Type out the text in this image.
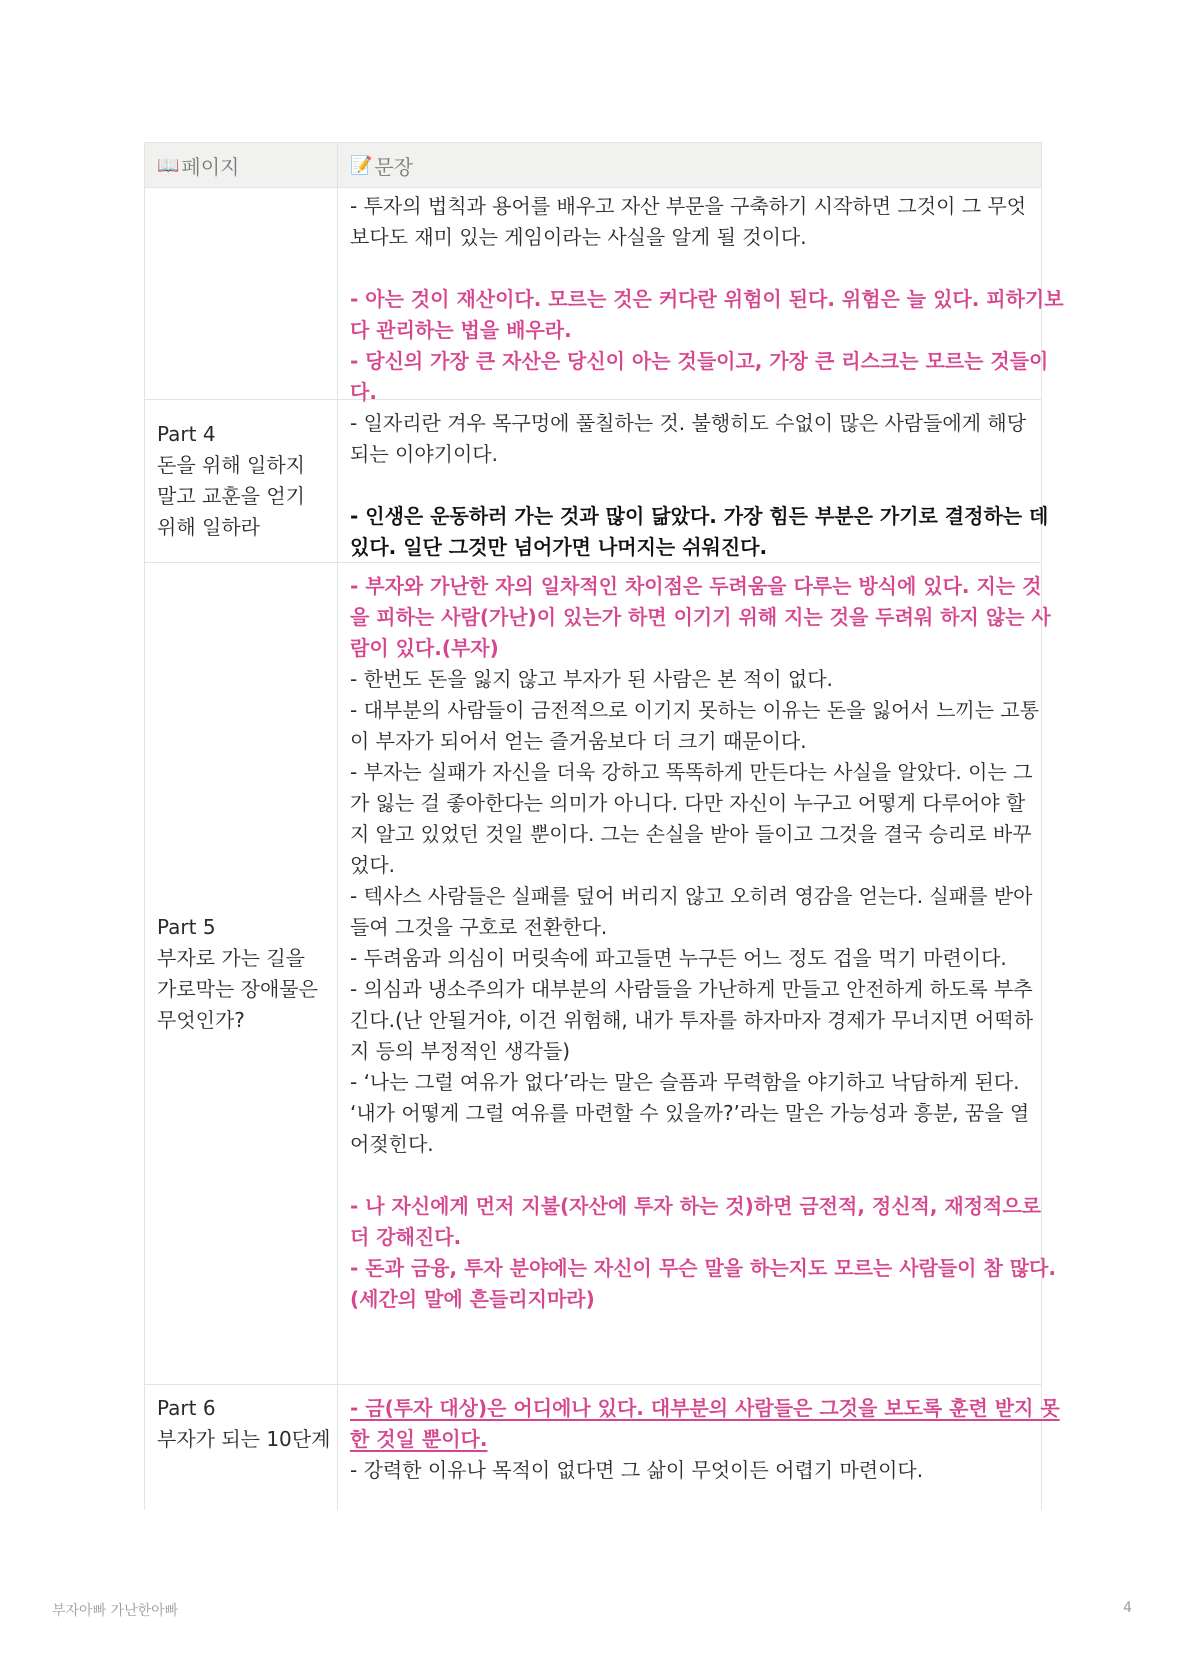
📖 페이지	📝 문장
- 투자의 법칙과 용어를 배우고 자산 부문을 구축하기 시작하면 그것이 그 무엇
보다도 재미 있는 게임이라는 사실을 알게 될 것이다.
- 아는 것이 재산이다. 모르는 것은 커다란 위험이 된다. 위험은 늘 있다. 피하기보
다 관리하는 법을 배우라.
- 당신의 가장 큰 자산은 당신이 아는 것들이고, 가장 큰 리스크는 모르는 것들이
다.
Part 4
돈을 위해 일하지
말고 교훈을 얻기
위해 일하라
- 일자리란 겨우 목구멍에 풀칠하는 것. 불행히도 수없이 많은 사람들에게 해당
되는 이야기이다.
- 인생은 운동하러 가는 것과 많이 닮았다. 가장 힘든 부분은 가기로 결정하는 데
있다. 일단 그것만 넘어가면 나머지는 쉬워진다.
Part 5
부자로 가는 길을
가로막는 장애물은
무엇인가?
- 부자와 가난한 자의 일차적인 차이점은 두려움을 다루는 방식에 있다. 지는 것
을 피하는 사람(가난)이 있는가 하면 이기기 위해 지는 것을 두려워 하지 않는 사
람이 있다.(부자)
- 한번도 돈을 잃지 않고 부자가 된 사람은 본 적이 없다.
- 대부분의 사람들이 금전적으로 이기지 못하는 이유는 돈을 잃어서 느끼는 고통
이 부자가 되어서 얻는 즐거움보다 더 크기 때문이다.
- 부자는 실패가 자신을 더욱 강하고 똑똑하게 만든다는 사실을 알았다. 이는 그
가 잃는 걸 좋아한다는 의미가 아니다. 다만 자신이 누구고 어떻게 다루어야 할
지 알고 있었던 것일 뿐이다. 그는 손실을 받아 들이고 그것을 결국 승리로 바꾸
었다.
- 텍사스 사람들은 실패를 덮어 버리지 않고 오히려 영감을 얻는다. 실패를 받아
들여 그것을 구호로 전환한다.
- 두려움과 의심이 머릿속에 파고들면 누구든 어느 정도 겁을 먹기 마련이다.
- 의심과 냉소주의가 대부분의 사람들을 가난하게 만들고 안전하게 하도록 부추
긴다.(난 안될거야, 이건 위험해, 내가 투자를 하자마자 경제가 무너지면 어떡하
지 등의 부정적인 생각들)
- ‘나는 그럴 여유가 없다’라는 말은 슬픔과 무력함을 야기하고 낙담하게 된다.
‘내가 어떻게 그럴 여유를 마련할 수 있을까?’라는 말은 가능성과 흥분, 꿈을 열
어젖힌다.
- 나 자신에게 먼저 지불(자산에 투자 하는 것)하면 금전적, 정신적, 재정적으로
더 강해진다.
- 돈과 금융, 투자 분야에는 자신이 무슨 말을 하는지도 모르는 사람들이 참 많다.
(세간의 말에 흔들리지마라)
Part 6
부자가 되는 10단계
- 금(투자 대상)은 어디에나 있다. 대부분의 사람들은 그것을 보도록 훈련 받지 못
한 것일 뿐이다.
- 강력한 이유나 목적이 없다면 그 삶이 무엇이든 어렵기 마련이다.
부자아빠 가난한아빠	4
